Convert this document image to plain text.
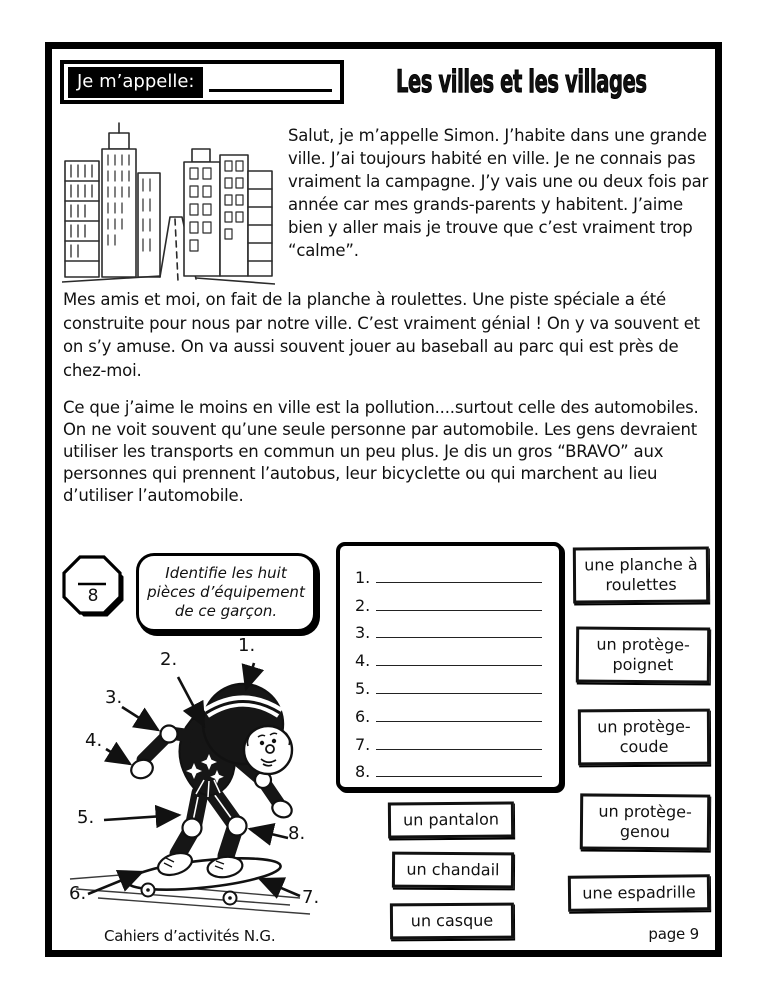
Je m’appelle:	Les villes et les villages

Salut, je m’appelle Simon. J’habite dans une grande ville. J’ai toujours habité en ville. Je ne connais pas vraiment la campagne. J’y vais une ou deux fois par année car mes grands-parents y habitent. J’aime bien y aller mais je trouve que c’est vraiment trop “calme”.

Mes amis et moi, on fait de la planche à roulettes. Une piste spéciale a été construite pour nous par notre ville. C’est vraiment génial ! On y va souvent et on s’y amuse. On va aussi souvent jouer au baseball au parc qui est près de chez-moi.

Ce que j’aime le moins en ville est la pollution....surtout celle des automobiles. On ne voit souvent qu’une seule personne par automobile. Les gens devraient utiliser les transports en commun un peu plus. Je dis un gros “BRAVO” aux personnes qui prennent l’autobus, leur bicyclette ou qui marchent au lieu d’utiliser l’automobile.

8
Identifie les huit pièces d’équipement de ce garçon.
1.
2.
3.
4.
5.
6.	7.
8.
1.
2.
3.
4.
5.
6.
7.
8.
une planche à roulettes
un protège-poignet
un protège-coude
un protège-genou
une espadrille
un pantalon
un chandail
un casque
Cahiers d’activités N.G.	page 9
